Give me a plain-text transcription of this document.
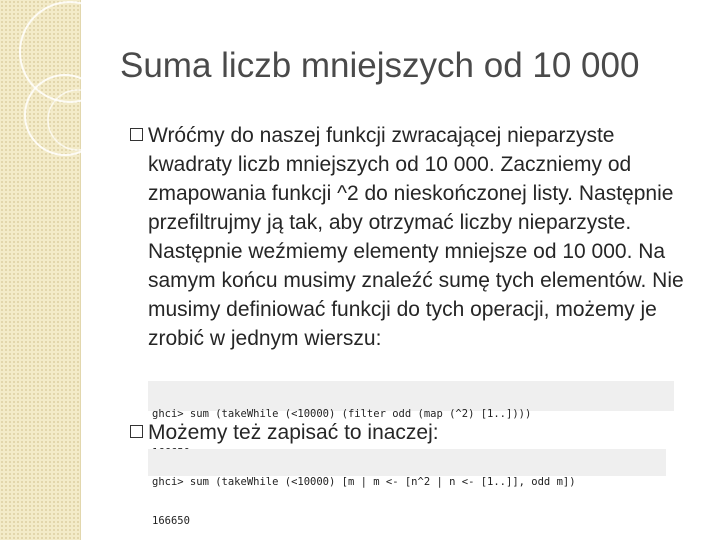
Suma liczb mniejszych od 10 000
Wróćmy do naszej funkcji zwracającej nieparzyste kwadraty liczb mniejszych od 10 000. Zaczniemy od zmapowania funkcji ^2 do nieskończonej listy. Następnie przefiltrujmy ją tak, aby otrzymać liczby nieparzyste. Następnie weźmiemy elementy mniejsze od 10 000. Na samym końcu musimy znaleźć sumę tych elementów. Nie musimy definiować funkcji do tych operacji, możemy je zrobić w jednym wierszu:

ghci> sum (takeWhile (<10000) (filter odd (map (^2) [1..])))

Możemy też zapisać to inaczej:

ghci> sum (takeWhile (<10000) [m | m <- [n^2 | n <- [1..]], odd m])

166650
